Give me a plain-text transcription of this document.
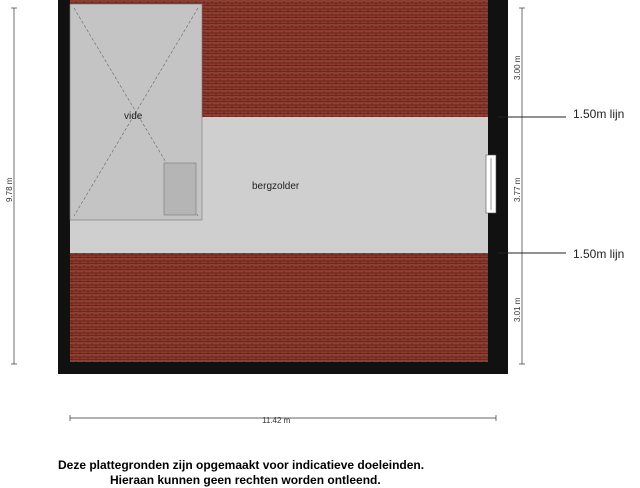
vide
bergzolder
9.78 m
11.42 m
3.00 m
3.77 m
3.01 m
1.50m lijn
1.50m lijn
Deze plattegronden zijn opgemaakt voor indicatieve doeleinden.
Hieraan kunnen geen rechten worden ontleend.
